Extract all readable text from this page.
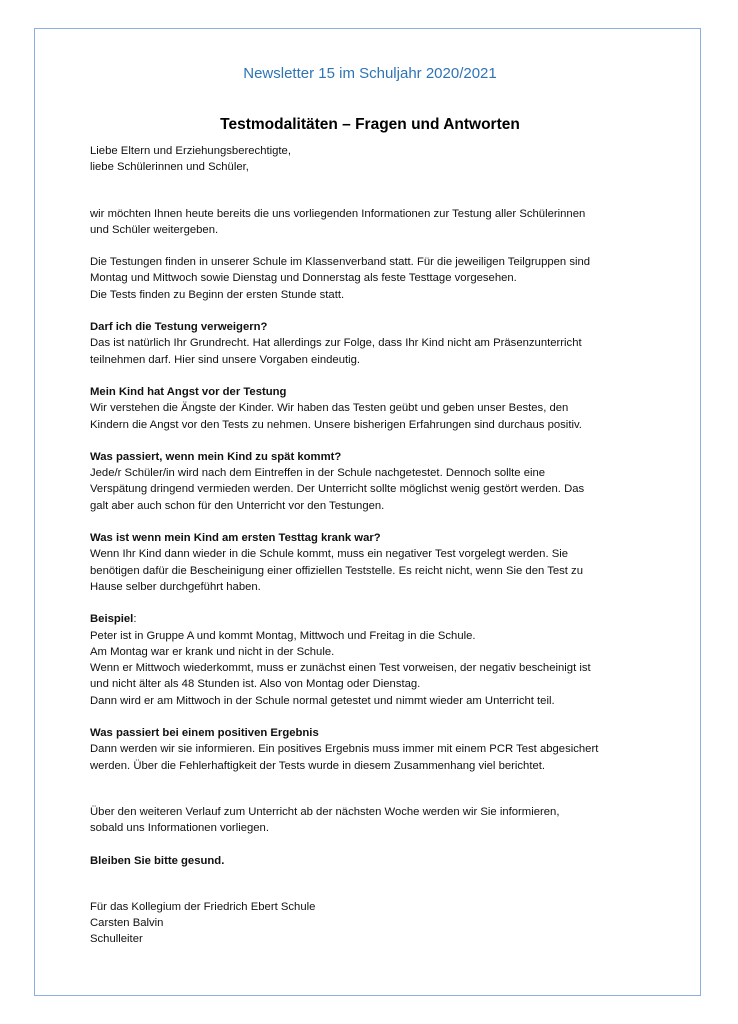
Newsletter 15 im Schuljahr 2020/2021
Testmodalitäten – Fragen und Antworten
Liebe Eltern und Erziehungsberechtigte,
liebe Schülerinnen und Schüler,
wir möchten Ihnen heute bereits die uns vorliegenden Informationen zur Testung aller Schülerinnen
und Schüler weitergeben.
Die Testungen finden in unserer Schule im Klassenverband statt. Für die jeweiligen Teilgruppen sind
Montag und Mittwoch sowie Dienstag und Donnerstag als feste Testtage vorgesehen.
Die Tests finden zu Beginn der ersten Stunde statt.
Darf ich die Testung verweigern?
Das ist natürlich Ihr Grundrecht. Hat allerdings zur Folge, dass Ihr Kind nicht am Präsenzunterricht
teilnehmen darf. Hier sind unsere Vorgaben eindeutig.
Mein Kind hat Angst vor der Testung
Wir verstehen die Ängste der Kinder. Wir haben das Testen geübt und geben unser Bestes, den
Kindern die Angst vor den Tests zu nehmen. Unsere bisherigen Erfahrungen sind durchaus positiv.
Was passiert, wenn mein Kind zu spät kommt?
Jede/r Schüler/in wird nach dem Eintreffen in der Schule nachgetestet. Dennoch sollte eine
Verspätung dringend vermieden werden. Der Unterricht sollte möglichst wenig gestört werden. Das
galt aber auch schon für den Unterricht vor den Testungen.
Was ist wenn mein Kind am ersten Testtag krank war?
Wenn Ihr Kind dann wieder in die Schule kommt, muss ein negativer Test vorgelegt werden. Sie
benötigen dafür die Bescheinigung einer offiziellen Teststelle. Es reicht nicht, wenn Sie den Test zu
Hause selber durchgeführt haben.
Beispiel:
Peter ist in Gruppe A und kommt Montag, Mittwoch und Freitag in die Schule.
Am Montag war er krank und nicht in der Schule.
Wenn er Mittwoch wiederkommt, muss er zunächst einen Test vorweisen, der negativ bescheinigt ist
und nicht älter als 48 Stunden ist. Also von Montag oder Dienstag.
Dann wird er am Mittwoch in der Schule normal getestet und nimmt wieder am Unterricht teil.
Was passiert bei einem positiven Ergebnis
Dann werden wir sie informieren. Ein positives Ergebnis muss immer mit einem PCR Test abgesichert
werden. Über die Fehlerhaftigkeit der Tests wurde in diesem Zusammenhang viel berichtet.
Über den weiteren Verlauf zum Unterricht ab der nächsten Woche werden wir Sie informieren,
sobald uns Informationen vorliegen.
Bleiben Sie bitte gesund.
Für das Kollegium der Friedrich Ebert Schule
Carsten Balvin
Schulleiter
